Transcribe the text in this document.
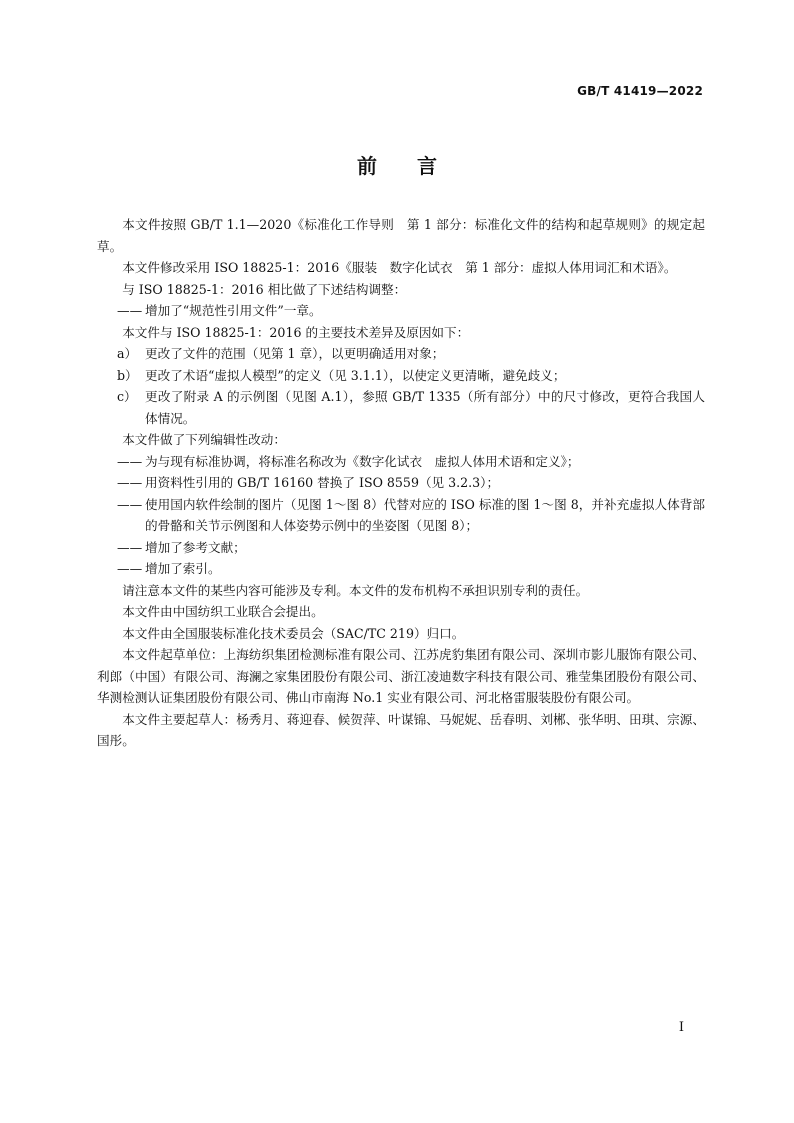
GB/T 41419—2022
前 言

本文件按照 GB/T 1.1—2020《标准化工作导则　第 1 部分：标准化文件的结构和起草规则》的规定起草。

本文件修改采用 ISO 18825-1：2016《服装　数字化试衣　第 1 部分：虚拟人体用词汇和术语》。

与 ISO 18825-1：2016 相比做了下述结构调整：

—— 增加了“规范性引用文件”一章。

本文件与 ISO 18825-1：2016 的主要技术差异及原因如下：

a） 更改了文件的范围（见第 1 章），以更明确适用对象；

b） 更改了术语“虚拟人模型”的定义（见 3.1.1），以使定义更清晰，避免歧义；

c） 更改了附录 A 的示例图（见图 A.1），参照 GB/T 1335（所有部分）中的尺寸修改，更符合我国人体情况。

本文件做了下列编辑性改动：

—— 为与现有标准协调，将标准名称改为《数字化试衣　虚拟人体用术语和定义》；

—— 用资料性引用的 GB/T 16160 替换了 ISO 8559（见 3.2.3）；

—— 使用国内软件绘制的图片（见图 1～图 8）代替对应的 ISO 标准的图 1～图 8，并补充虚拟人体背部的骨骼和关节示例图和人体姿势示例中的坐姿图（见图 8）；

—— 增加了参考文献；

—— 增加了索引。

请注意本文件的某些内容可能涉及专利。本文件的发布机构不承担识别专利的责任。

本文件由中国纺织工业联合会提出。

本文件由全国服装标准化技术委员会（SAC/TC 219）归口。

本文件起草单位：上海纺织集团检测标准有限公司、江苏虎豹集团有限公司、深圳市影儿服饰有限公司、利郎（中国）有限公司、海澜之家集团股份有限公司、浙江凌迪数字科技有限公司、雅莹集团股份有限公司、华测检测认证集团股份有限公司、佛山市南海 No.1 实业有限公司、河北格雷服装股份有限公司。

本文件主要起草人：杨秀月、蒋迎春、候贺萍、叶谋锦、马妮妮、岳春明、刘郴、张华明、田琪、宗源、国彤。

I
